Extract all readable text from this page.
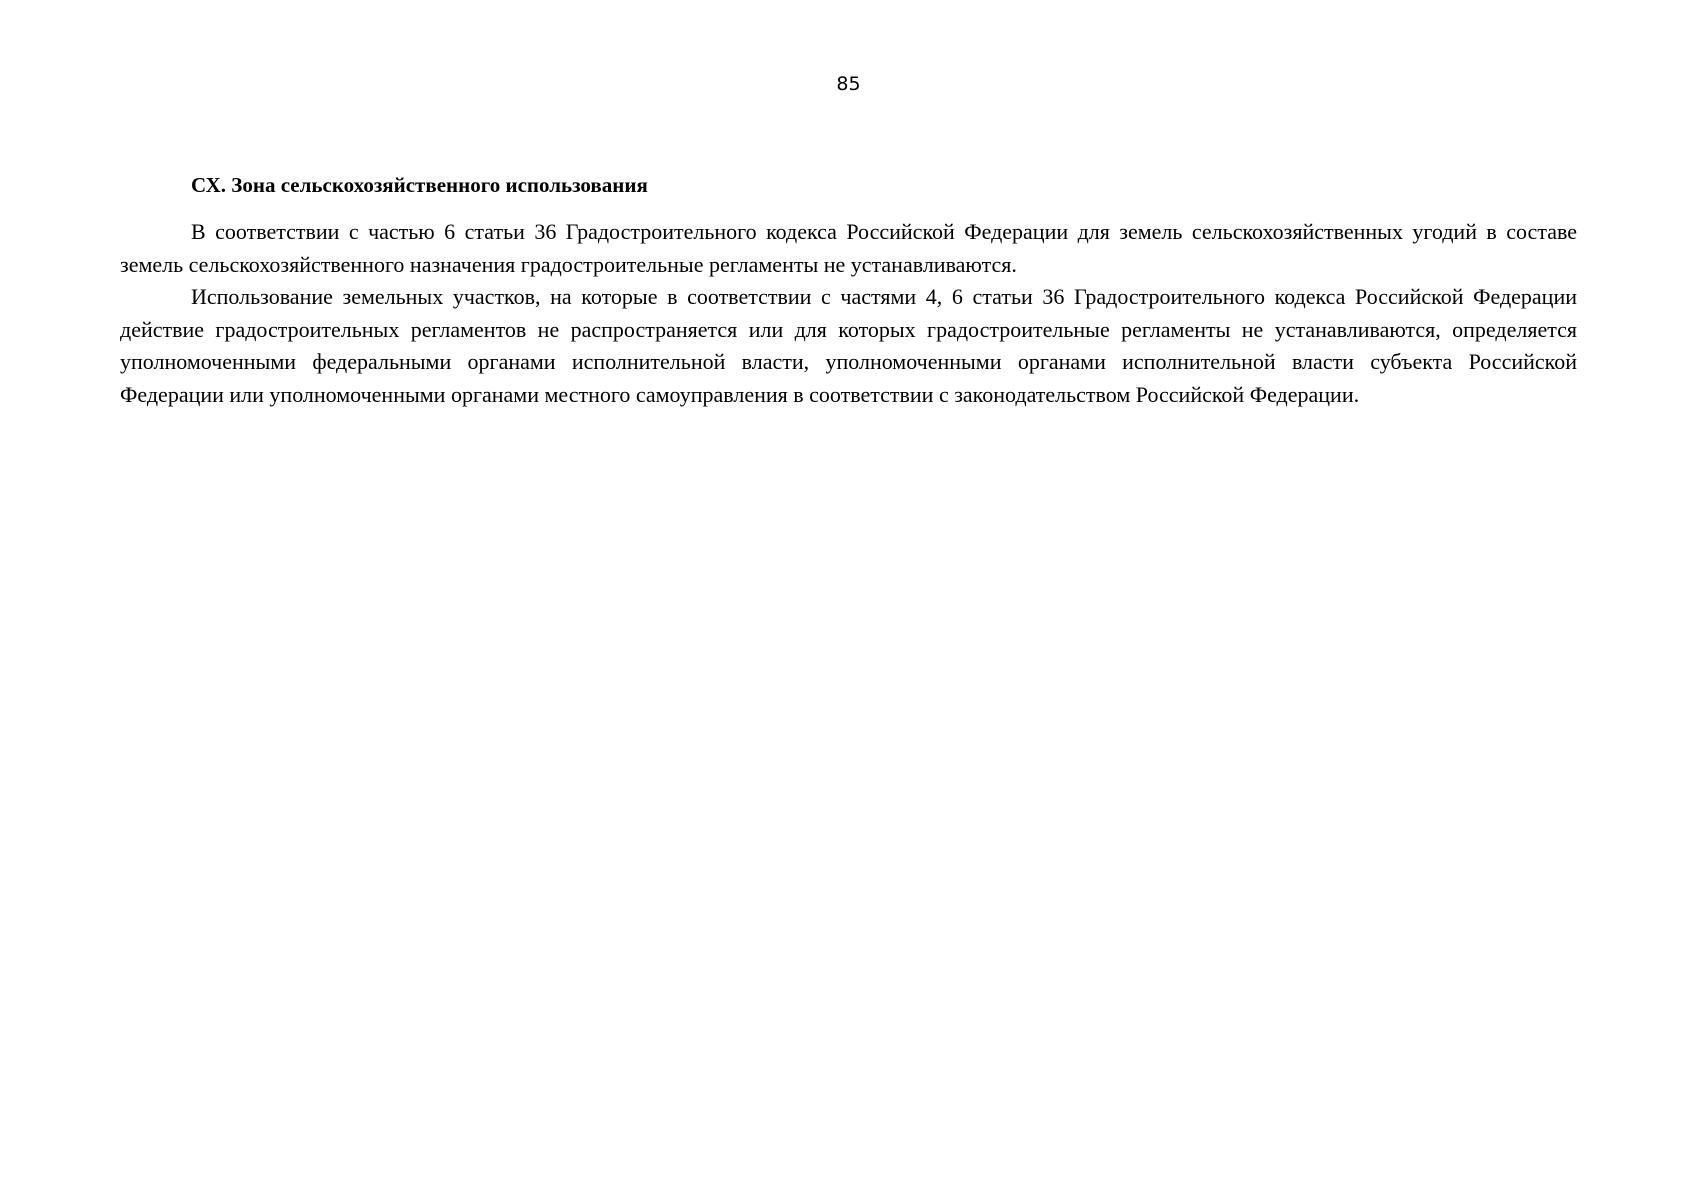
85
СХ. Зона сельскохозяйственного использования

В соответствии с частью 6 статьи 36 Градостроительного кодекса Российской Федерации для земель сельскохозяйственных угодий в составе земель сельскохозяйственного назначения градостроительные регламенты не устанавливаются.

Использование земельных участков, на которые в соответствии с частями 4, 6 статьи 36 Градостроительного кодекса Российской Федерации действие градостроительных регламентов не распространяется или для которых градостроительные регламенты не устанавливаются, определяется уполномоченными федеральными органами исполнительной власти, уполномоченными органами исполнительной власти субъекта Российской Федерации или уполномоченными органами местного самоуправления в соответствии с законодательством Российской Федерации.
